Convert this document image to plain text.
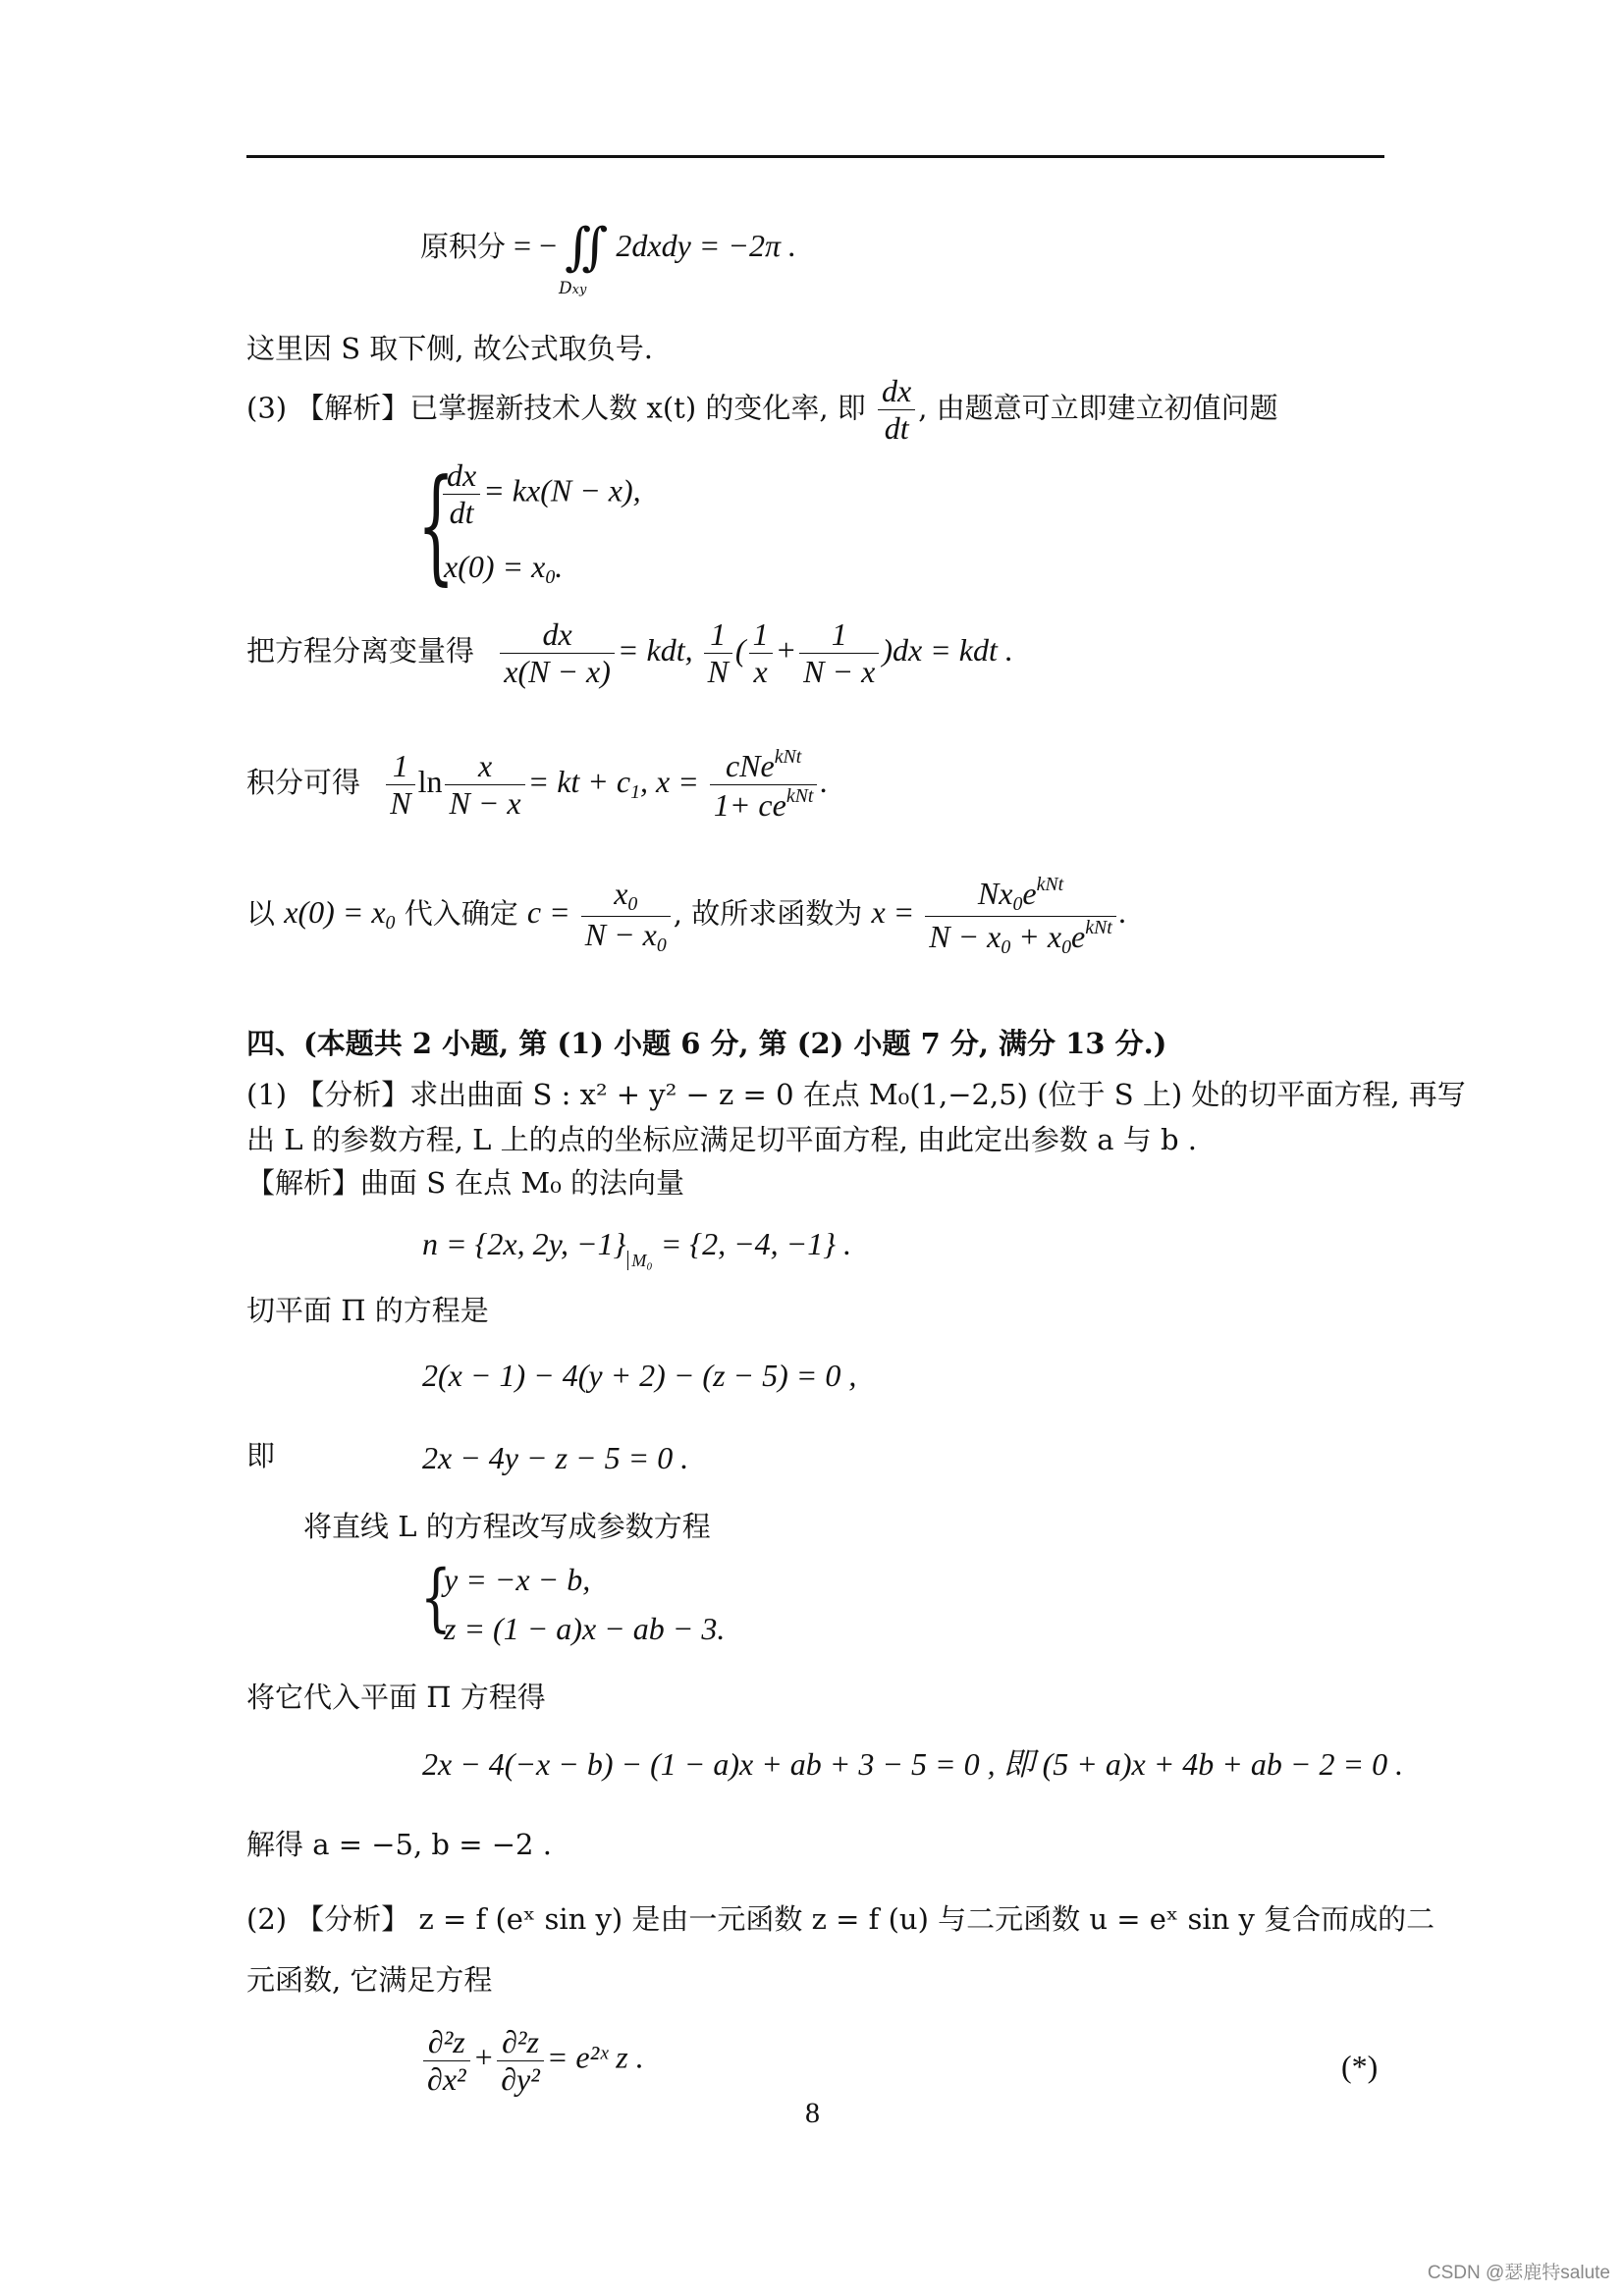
原积分 = − ∬ 2dxdy = −2π .
Dxy
这里因 S 取下侧, 故公式取负号.
(3) 【解析】已掌握新技术人数 x(t) 的变化率, 即 $\frac{dx}{dt}$ , 由题意可立即建立初值问题
{
$\frac{dx}{dt} = kx(N - x)$,
$x(0) = x_0$.
把方程分离变量得 $\frac{dx}{x(N - x)}$ = kdt, $\frac{1}{N}$ ( $\frac{1}{x} + \frac{1}{N - x} )dx$ = kdt .
积分可得 $\frac{1}{N}$ $\ln \frac{x}{N - x}$ = kt + $c_1$, x = cNe$^{kNt}$
$1+ ce^{kNt}$ .
以 $x(0) = x_0$ 代入确定 $c = \frac{x_0}{N - x_0}$ , 故所求函数为 x =
$Nx_0e^{kNt}$
$N - x_0 + x_0e^{kNt}$ .
四、(本题共 2 小题, 第 (1) 小题 6 分, 第 (2) 小题 7 分, 满分 13 分.)
(1) 【分析】求出曲面 S : x² + y² − z = 0 在点 M₀(1,−2,5) (位于 S 上) 处的切平面方程, 再写
出 L 的参数方程, L 上的点的坐标应满足切平面方程, 由此定出参数 a 与 b .
【解析】曲面 S 在点 M₀ 的法向量
n = {2x, 2y, −1} $_{M_0}$ = {2, −4, −1} .
切平面 Π 的方程是
2(x − 1) − 4(y + 2) − (z − 5) = 0 ,
即	2x − 4y − z − 5 = 0 .
将直线 L 的方程改写成参数方程
{
y = −x − b,
z = (1 − a)x − ab − 3.
将它代入平面 Π 方程得
2x − 4(−x − b) − (1 − a)x + ab + 3 − 5 = 0 , 即 (5 + a)x + 4b + ab − 2 = 0 .
解得 a = −5, b = −2 .
(2) 【分析】 z = f (eˣ sin y) 是由一元函数 z = f (u) 与二元函数 u = eˣ sin y 复合而成的二
元函数, 它满足方程
$\frac{\text{∂²z}}{\text{∂x²}} + \frac{\text{∂²z}}{\text{∂y²}}$ = e²ˣ z .	(*)
8
CSDN @瑟鹿特salute
